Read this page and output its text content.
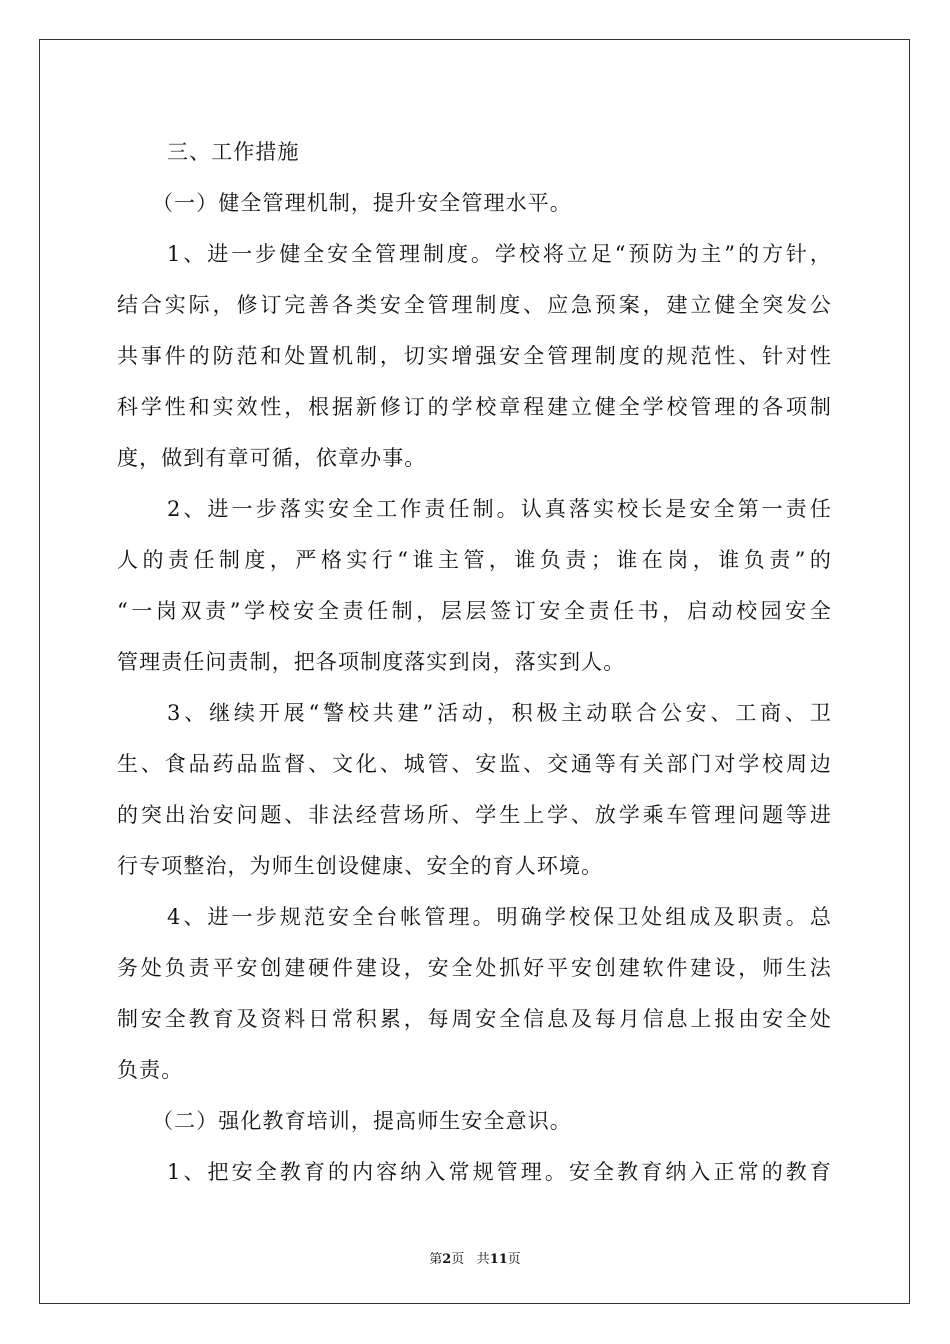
三、工作措施
（一）健全管理机制，提升安全管理水平。
1、进一步健全安全管理制度。学校将立足“预防为主”的方针，
结合实际，修订完善各类安全管理制度、应急预案，建立健全突发公
共事件的防范和处置机制，切实增强安全管理制度的规范性、针对性
科学性和实效性，根据新修订的学校章程建立健全学校管理的各项制
度，做到有章可循，依章办事。
2、进一步落实安全工作责任制。认真落实校长是安全第一责任
人的责任制度，严格实行“谁主管，谁负责；谁在岗，谁负责”的
“一岗双责”学校安全责任制，层层签订安全责任书，启动校园安全
管理责任问责制，把各项制度落实到岗，落实到人。
3、继续开展“警校共建”活动，积极主动联合公安、工商、卫
生、食品药品监督、文化、城管、安监、交通等有关部门对学校周边
的突出治安问题、非法经营场所、学生上学、放学乘车管理问题等进
行专项整治，为师生创设健康、安全的育人环境。
4、进一步规范安全台帐管理。明确学校保卫处组成及职责。总
务处负责平安创建硬件建设，安全处抓好平安创建软件建设，师生法
制安全教育及资料日常积累，每周安全信息及每月信息上报由安全处
负责。
（二）强化教育培训，提高师生安全意识。
1、把安全教育的内容纳入常规管理。安全教育纳入正常的教育
第2页 共11页
